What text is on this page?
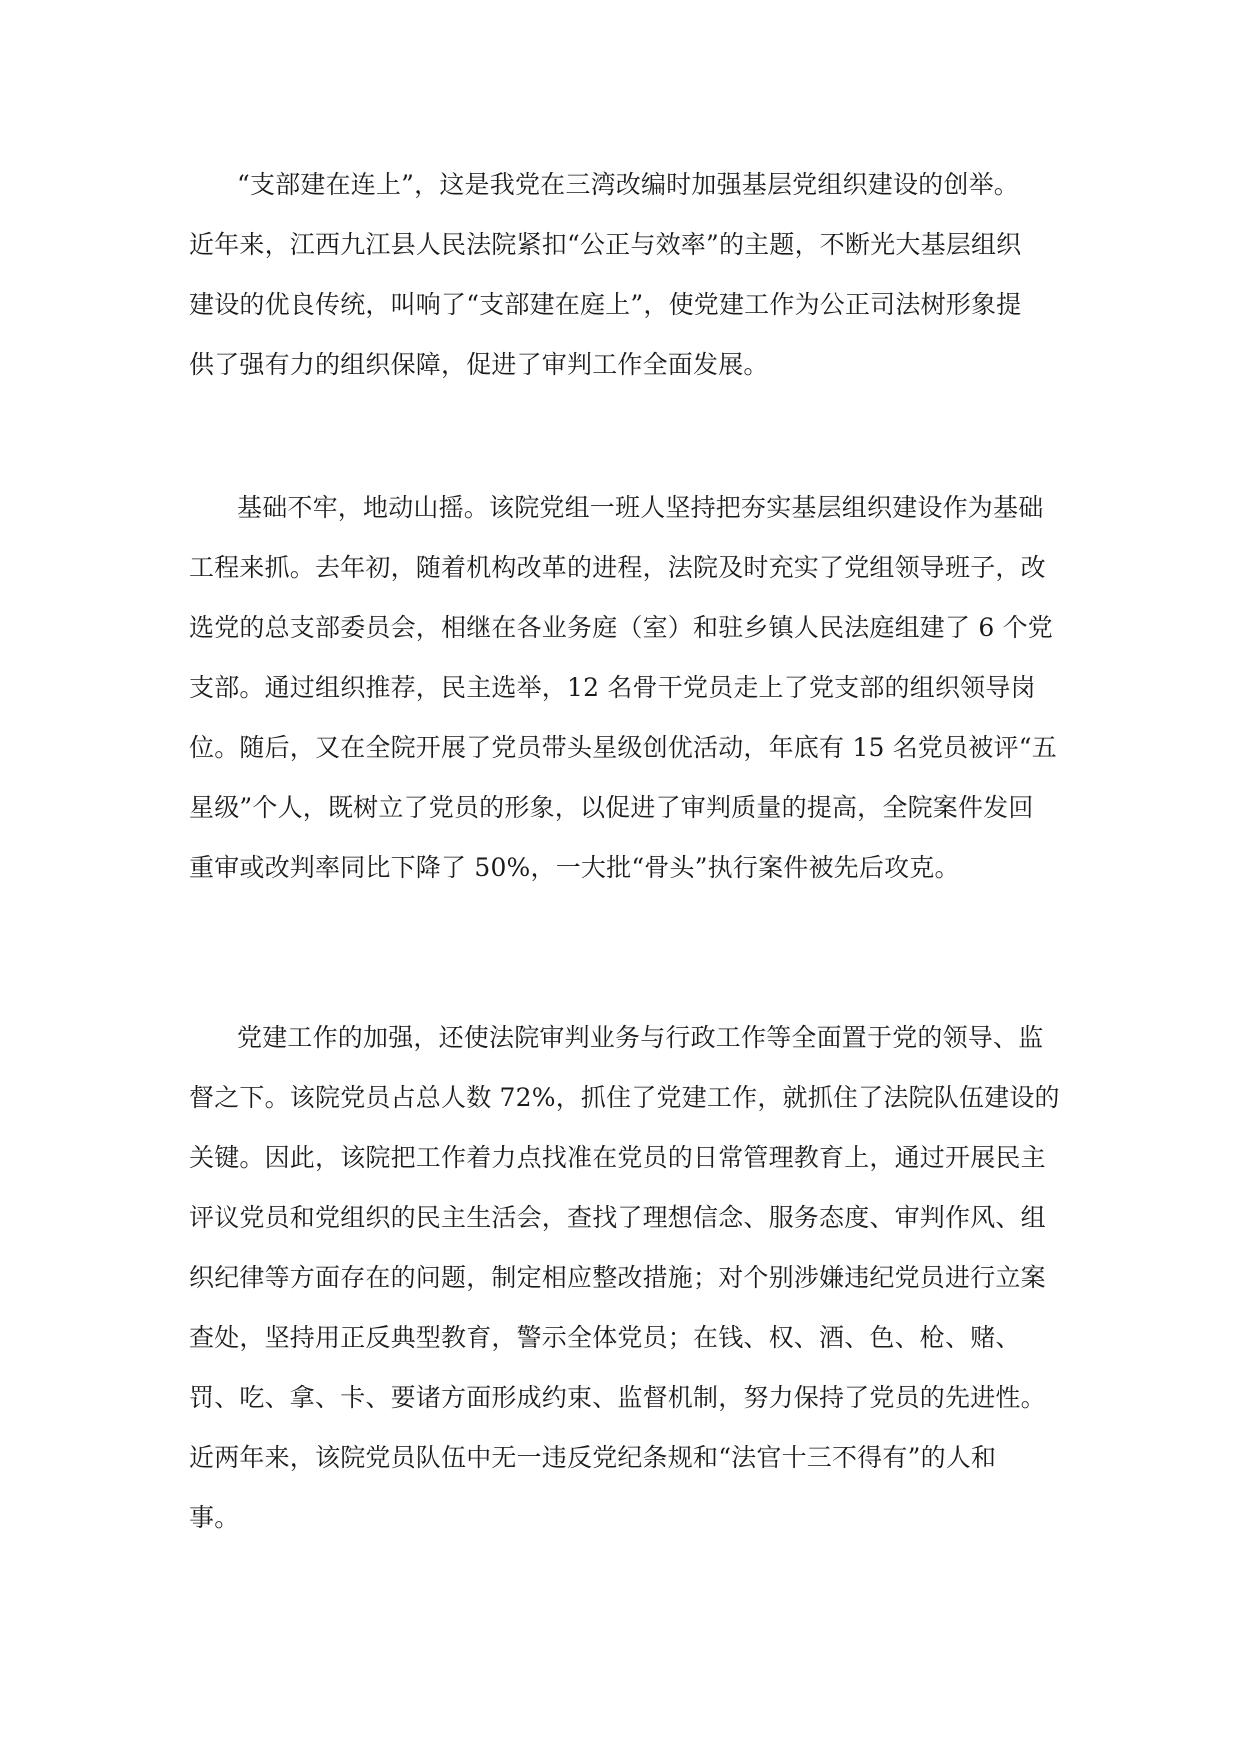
“支部建在连上”，这是我党在三湾改编时加强基层党组织建设的创举。
近年来，江西九江县人民法院紧扣“公正与效率”的主题，不断光大基层组织
建设的优良传统，叫响了“支部建在庭上”，使党建工作为公正司法树形象提
供了强有力的组织保障，促进了审判工作全面发展。
基础不牢，地动山摇。该院党组一班人坚持把夯实基层组织建设作为基础
工程来抓。去年初，随着机构改革的进程，法院及时充实了党组领导班子，改
选党的总支部委员会，相继在各业务庭（室）和驻乡镇人民法庭组建了 6 个党
支部。通过组织推荐，民主选举，12 名骨干党员走上了党支部的组织领导岗
位。随后，又在全院开展了党员带头星级创优活动，年底有 15 名党员被评“五
星级”个人，既树立了党员的形象，以促进了审判质量的提高，全院案件发回
重审或改判率同比下降了 50%，一大批“骨头”执行案件被先后攻克。
党建工作的加强，还使法院审判业务与行政工作等全面置于党的领导、监
督之下。该院党员占总人数 72%，抓住了党建工作，就抓住了法院队伍建设的
关键。因此，该院把工作着力点找准在党员的日常管理教育上，通过开展民主
评议党员和党组织的民主生活会，查找了理想信念、服务态度、审判作风、组
织纪律等方面存在的问题，制定相应整改措施；对个别涉嫌违纪党员进行立案
查处，坚持用正反典型教育，警示全体党员；在钱、权、酒、色、枪、赌、
罚、吃、拿、卡、要诸方面形成约束、监督机制，努力保持了党员的先进性。
近两年来，该院党员队伍中无一违反党纪条规和“法官十三不得有”的人和
事。
